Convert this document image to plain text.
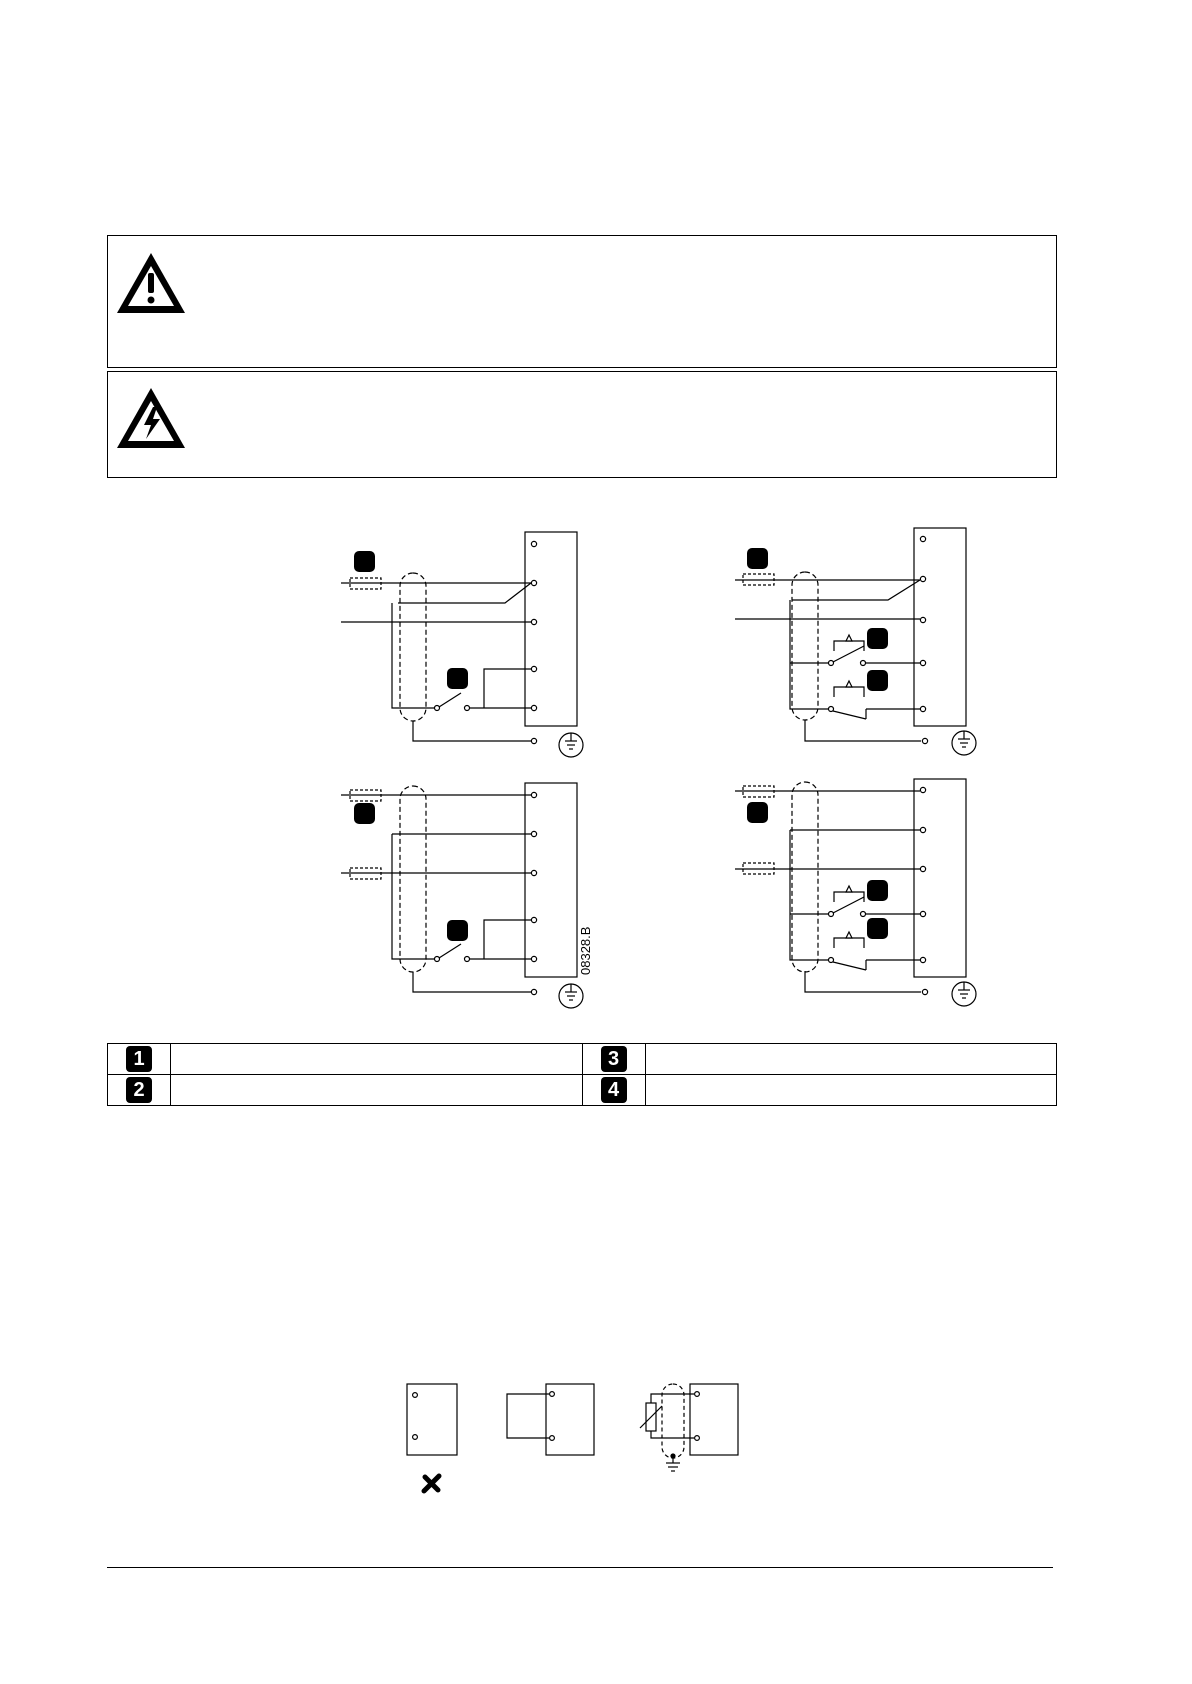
08328.B
1		3	
2		4	
